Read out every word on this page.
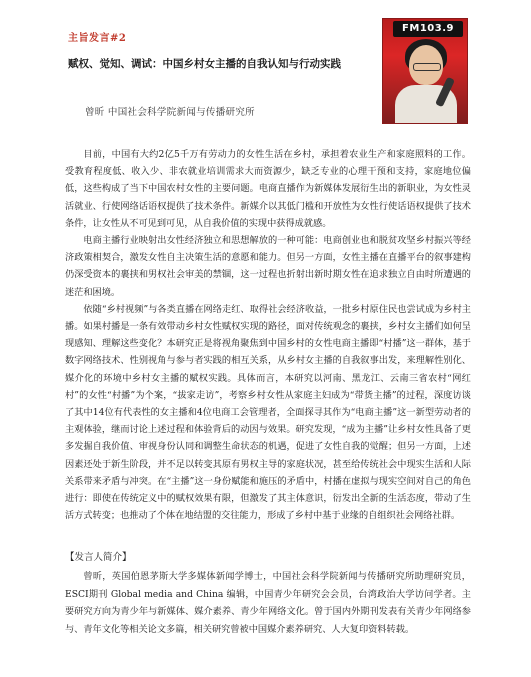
主旨发言#2
赋权、觉知、调试：中国乡村女主播的自我认知与行动实践
曾昕 中国社会科学院新闻与传播研究所
FM103.9

目前，中国有大约2亿5千万有劳动力的女性生活在乡村，承担着农业生产和家庭照料的工作。受教育程度低、收入少、非农就业培训需求大而资源少，缺乏专业的心理干预和支持，家庭地位偏低，这些构成了当下中国农村女性的主要问题。电商直播作为新媒体发展衍生出的新职业，为女性灵活就业、行使网络话语权提供了技术条件。新媒介以其低门槛和开放性为女性行使话语权提供了技术条件，让女性从不可见到可见，从自我价值的实现中获得成就感。

电商主播行业映射出女性经济独立和思想解放的一种可能：电商创业也和脱贫攻坚乡村振兴等经济政策相契合，激发女性自主决策生活的意愿和能力。但另一方面，女性主播在直播平台的叙事建构仍深受资本的裹挟和男权社会审美的禁锢，这一过程也折射出新时期女性在追求独立自由时所遭遇的迷茫和困境。

依随“乡村视频”与各类直播在网络走红、取得社会经济收益，一批乡村原住民也尝试成为乡村主播。如果村播是一条有效带动乡村女性赋权实现的路径，面对传统观念的裹挟，乡村女主播们如何呈现感知、理解这些变化？本研究正是将视角聚焦到中国乡村的女性电商主播即“村播”这一群体，基于数字网络技术、性别视角与参与者实践的相互关系，从乡村女主播的自我叙事出发，来理解性别化、媒介化的环境中乡村女主播的赋权实践。具体而言，本研究以河南、黑龙江、云南三省农村“网红村”的女性“村播”为个案，“拔家走访”，考察乡村女性从家庭主妇成为“带货主播”的过程，深度访谈了其中14位有代表性的女主播和4位电商工会管理者，全面探寻其作为“电商主播”这一新型劳动者的主观体验，继而讨论上述过程和体验背后的动因与效果。研究发现，“成为主播”让乡村女性具备了更多发掘自我价值、审视身份认同和调整生命状态的机遇，促进了女性自我的觉醒；但另一方面，上述因素还处于新生阶段，并不足以转变其原有男权主导的家庭状况，甚至给传统社会中现实生活和人际关系带来矛盾与冲突。在“主播”这一身份赋能和施压的矛盾中，村播在虚拟与现实空间对自己的角色进行：即使在传统定义中的赋权效果有限，但激发了其主体意识，衍发出全新的生活态度，带动了生活方式转变；也推动了个体在地结盟的交往能力，形成了乡村中基于业缘的自组织社会网络社群。

【发言人简介】

曾昕，英国伯恩茅斯大学多媒体新闻学博士，中国社会科学院新闻与传播研究所助理研究员，ESCI期刊 Global media and China 编辑，中国青少年研究会会员，台湾政治大学访问学者。主要研究方向为青少年与新媒体、媒介素养、青少年网络文化。曾于国内外期刊发表有关青少年网络参与、青年文化等相关论文多篇，相关研究曾被中国媒介素养研究、人大复印资料转载。
